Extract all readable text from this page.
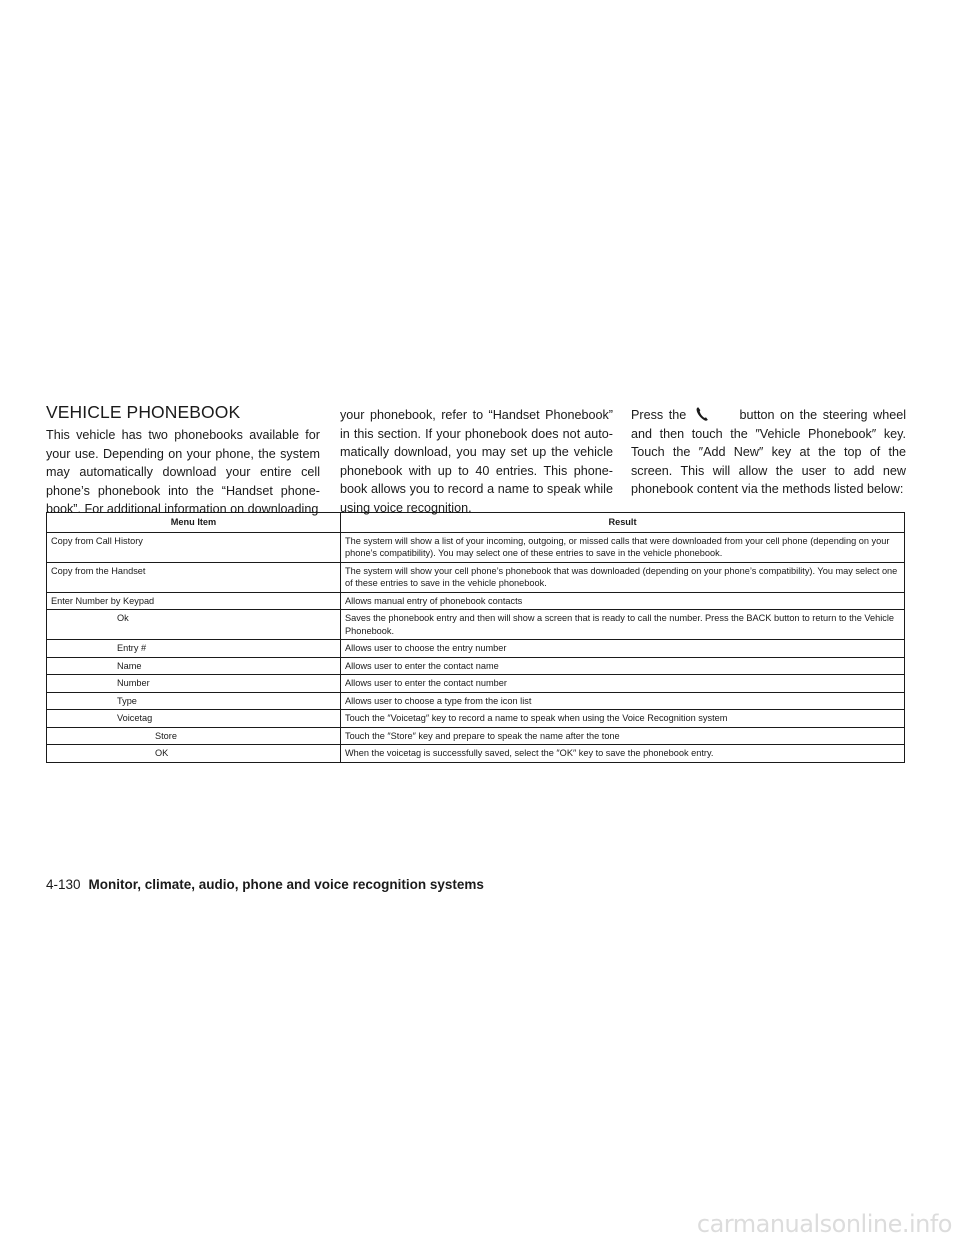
VEHICLE PHONEBOOK

This vehicle has two phonebooks available for your use. Depending on your phone, the system may automatically download your entire cell phone’s phonebook into the “Handset phone-book”. For additional information on downloading

your phonebook, refer to “Handset Phonebook” in this section. If your phonebook does not auto-matically download, you may set up the vehicle phonebook with up to 40 entries. This phone-book allows you to record a name to speak while using voice recognition.

Press the	button on the steering wheel and then touch the ″Vehicle Phonebook″ key. Touch the ″Add New″ key at the top of the screen. This will allow the user to add new phonebook content via the methods listed below:

Menu Item	Result
Copy from Call History	The system will show a list of your incoming, outgoing, or missed calls that were downloaded from your cell phone (depending on your phone’s compatibility). You may select one of these entries to save in the vehicle phonebook.
Copy from the Handset	The system will show your cell phone’s phonebook that was downloaded (depending on your phone’s compatibility). You may select one of these entries to save in the vehicle phonebook.
Enter Number by Keypad	Allows manual entry of phonebook contacts
Ok	Saves the phonebook entry and then will show a screen that is ready to call the number. Press the BACK button to return to the Vehicle Phonebook.
Entry #	Allows user to choose the entry number
Name	Allows user to enter the contact name
Number	Allows user to enter the contact number
Type	Allows user to choose a type from the icon list
Voicetag	Touch the ″Voicetag″ key to record a name to speak when using the Voice Recognition system
Store	Touch the ″Store″ key and prepare to speak the name after the tone
OK	When the voicetag is successfully saved, select the ″OK″ key to save the phonebook entry.

4-130 Monitor, climate, audio, phone and voice recognition systems

carmanualsonline.info
